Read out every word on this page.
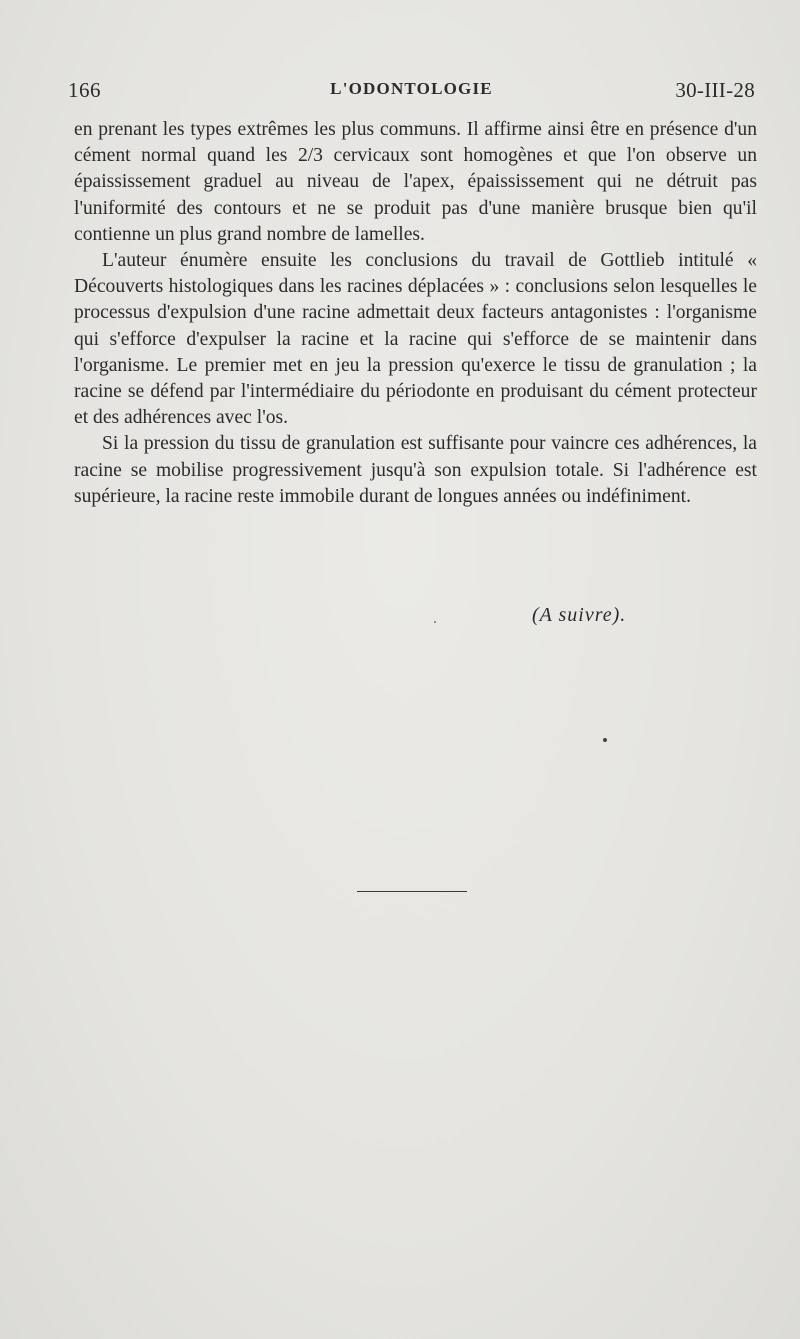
166	L'ODONTOLOGIE	30-III-28

en prenant les types extrêmes les plus communs. Il affirme ainsi être en présence d'un cément normal quand les 2/3 cervicaux sont homogènes et que l'on observe un épaississement graduel au niveau de l'apex, épaississement qui ne détruit pas l'uniformité des contours et ne se produit pas d'une manière brusque bien qu'il contienne un plus grand nombre de lamelles.

L'auteur énumère ensuite les conclusions du travail de Gottlieb intitulé « Découverts histologiques dans les racines déplacées » : conclusions selon lesquelles le processus d'expulsion d'une racine admettait deux facteurs antagonistes : l'organisme qui s'efforce d'expulser la racine et la racine qui s'efforce de se maintenir dans l'organisme. Le premier met en jeu la pression qu'exerce le tissu de granulation ; la racine se défend par l'intermédiaire du périodonte en produisant du cément protecteur et des adhérences avec l'os.

Si la pression du tissu de granulation est suffisante pour vaincre ces adhérences, la racine se mobilise progressivement jusqu'à son expulsion totale. Si l'adhérence est supérieure, la racine reste immobile durant de longues années ou indéfiniment.

(A suivre).
